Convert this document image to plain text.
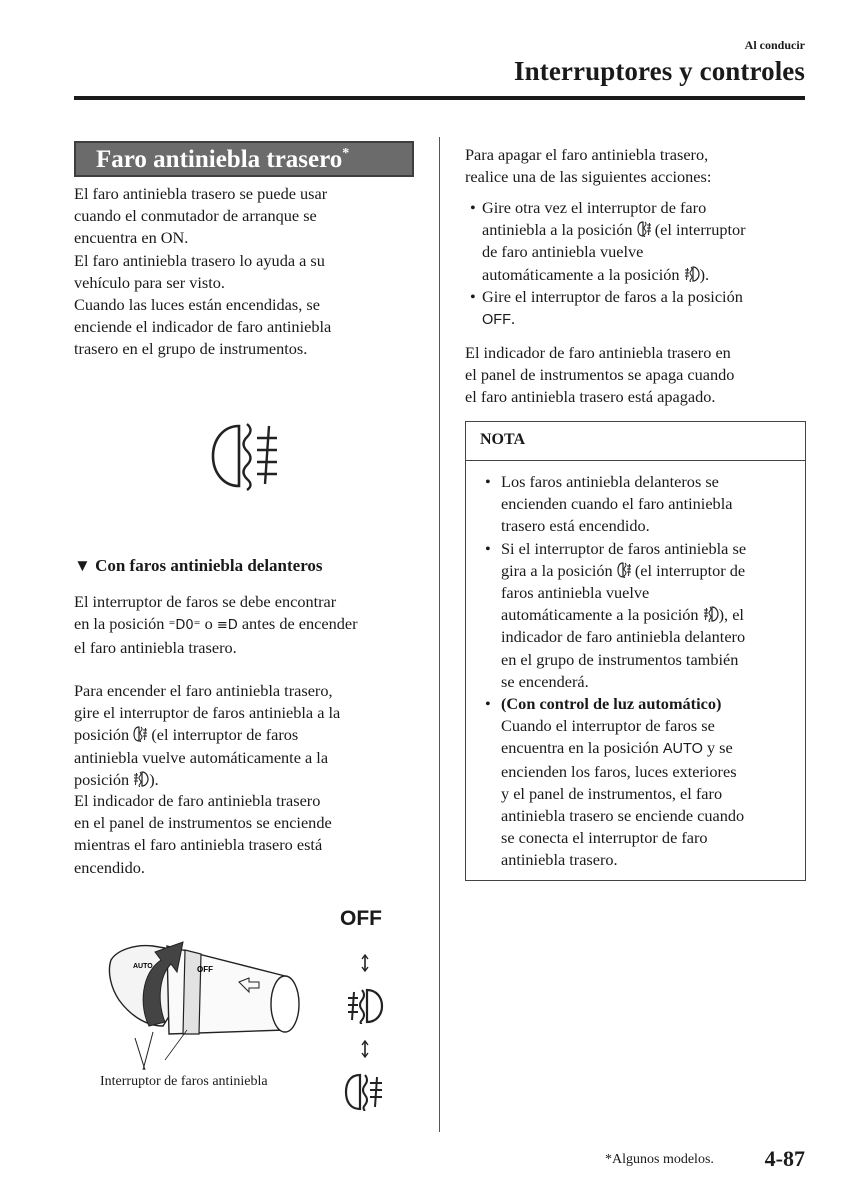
Al conducir
Interruptores y controles
Faro antiniebla trasero*
El faro antiniebla trasero se puede usar
cuando el conmutador de arranque se
encuentra en ON.
El faro antiniebla trasero lo ayuda a su
vehículo para ser visto.
Cuando las luces están encendidas, se
enciende el indicador de faro antiniebla
trasero en el grupo de instrumentos.
▼ Con faros antiniebla delanteros
El interruptor de faros se debe encontrar
en la posición ⁼D0⁼ o ≡D antes de encender
el faro antiniebla trasero.
Para encender el faro antiniebla trasero,
gire el interruptor de faros antiniebla a la
posición (el interruptor de faros
antiniebla vuelve automáticamente a la
posición ).
El indicador de faro antiniebla trasero
en el panel de instrumentos se enciende
mientras el faro antiniebla trasero está
encendido.
OFF
AUTO
OFF
Interruptor de faros antiniebla
Para apagar el faro antiniebla trasero,
realice una de las siguientes acciones:
• Gire otra vez el interruptor de faro
antiniebla a la posición (el interruptor
de faro antiniebla vuelve
automáticamente a la posición ).
• Gire el interruptor de faros a la posición
OFF.
El indicador de faro antiniebla trasero en
el panel de instrumentos se apaga cuando
el faro antiniebla trasero está apagado.
NOTA
• Los faros antiniebla delanteros se
encienden cuando el faro antiniebla
trasero está encendido.
• Si el interruptor de faros antiniebla se
gira a la posición (el interruptor de
faros antiniebla vuelve
automáticamente a la posición ), el
indicador de faro antiniebla delantero
en el grupo de instrumentos también
se encenderá.
• (Con control de luz automático)
Cuando el interruptor de faros se
encuentra en la posición AUTO y se
encienden los faros, luces exteriores
y el panel de instrumentos, el faro
antiniebla trasero se enciende cuando
se conecta el interruptor de faro
antiniebla trasero.
*Algunos modelos. 4-87
